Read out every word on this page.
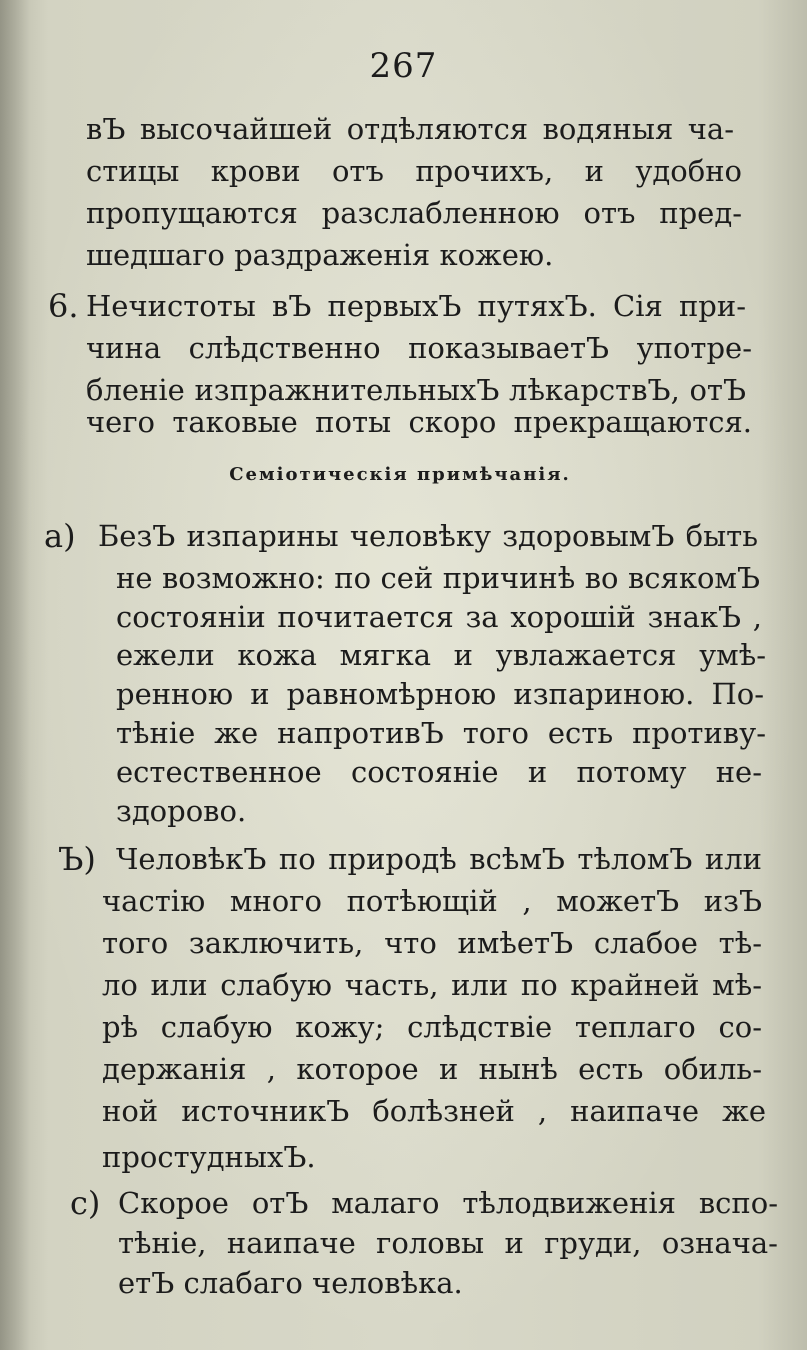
267
вЪ высочайшей отдѣляются водяныя ча-
стицы крови отъ прочихъ, и удобно
пропущаются разслабленною отъ пред-
шедшаго раздраженія кожею.
6. Нечистоты вЪ первыхЪ путяхЪ. Сія при-
чина слѣдственно показываетЪ употре-
бленіе изпражнительныхЪ лѣкарствЪ, отЪ
чего таковые поты скоро прекращаются.
Семіотическія примѣчанія.
а) БезЪ изпарины человѣку здоровымЪ быть
не возможно: по сей причинѣ во всякомЪ
состояніи почитается за хорошій знакЪ ,
ежели кожа мягка и увлажается умѣ-
ренною и равномѣрною изпариною. По-
тѣніе же напротивЪ того есть противу-
естественное состояніе и потому не-
здорово.
Ъ) ЧеловѣкЪ по природѣ всѣмЪ тѣломЪ или
частію много потѣющій , можетЪ изЪ
того заключить, что имѣетЪ слабое тѣ-
ло или слабую часть, или по крайней мѣ-
рѣ слабую кожу; слѣдствіе теплаго со-
держанія , которое и нынѣ есть обиль-
ной источникЪ болѣзней , наипаче же
простудныхЪ.
с) Скорое отЪ малаго тѣлодвиженія вспо-
тѣніе, наипаче головы и груди, означа-
етЪ слабаго человѣка.
